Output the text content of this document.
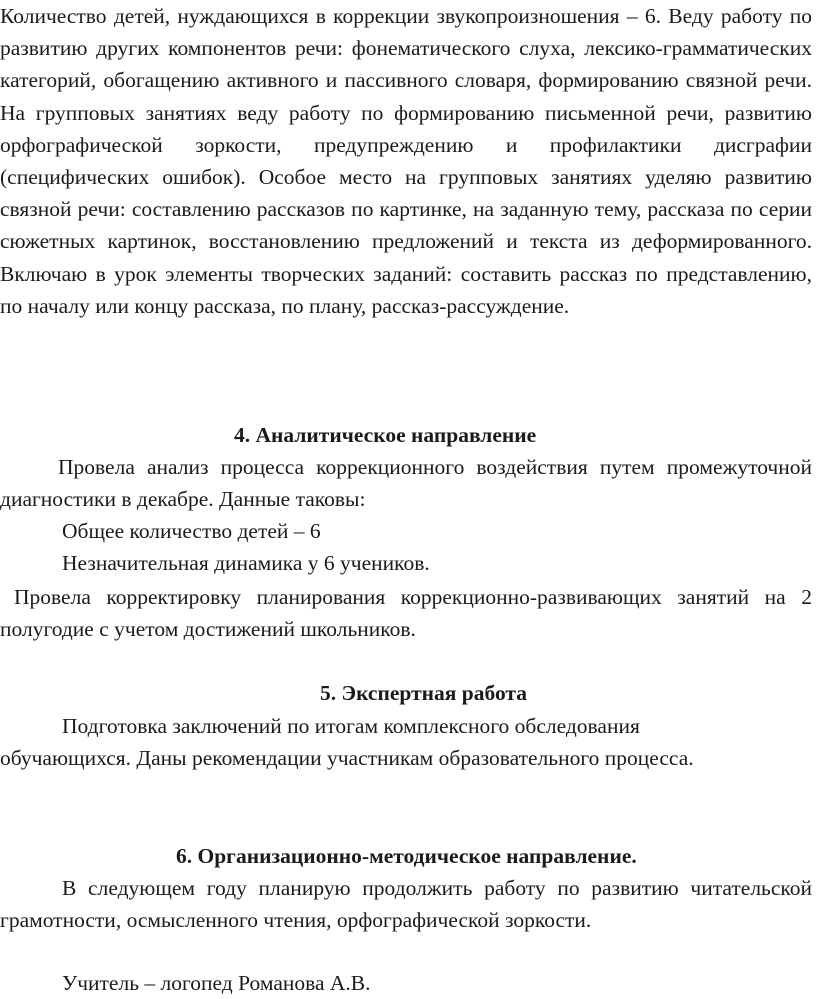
Количество детей, нуждающихся в коррекции звукопроизношения – 6. Веду работу по развитию других компонентов речи: фонематического слуха, лексико-грамматических категорий, обогащению активного и пассивного словаря, формированию связной речи. На групповых занятиях веду работу по формированию письменной речи, развитию орфографической зоркости, предупреждению и профилактики дисграфии (специфических ошибок). Особое место на групповых занятиях уделяю развитию связной речи: составлению рассказов по картинке, на заданную тему, рассказа по серии сюжетных картинок, восстановлению предложений и текста из деформированного. Включаю в урок элементы творческих заданий: составить рассказ по представлению, по началу или концу рассказа, по плану, рассказ-рассуждение.

4. Аналитическое направление

Провела анализ процесса коррекционного воздействия путем промежуточной диагностики в декабре. Данные таковы:

Общее количество детей – 6

Незначительная динамика у 6 учеников.

Провела корректировку планирования коррекционно-развивающих занятий на 2 полугодие с учетом достижений школьников.

5. Экспертная работа

Подготовка заключений по итогам комплексного обследования

обучающихся. Даны рекомендации участникам образовательного процесса.

6. Организационно-методическое направление.

В следующем году планирую продолжить работу по развитию читательской грамотности, осмысленного чтения, орфографической зоркости.

Учитель – логопед Романова А.В.
